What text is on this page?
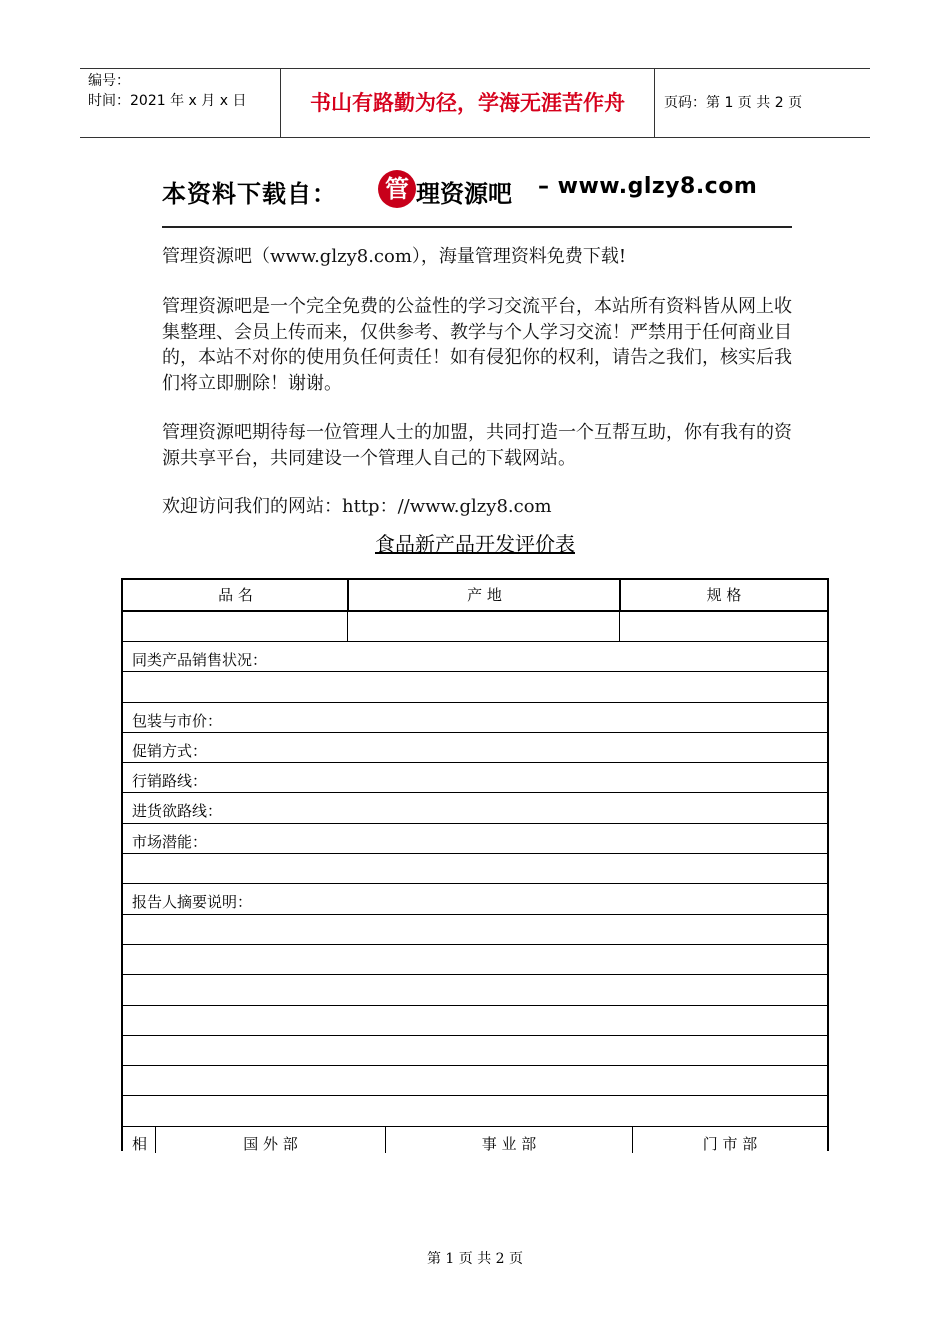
编号：
时间：2021 年 x 月 x 日	书山有路勤为径，学海无涯苦作舟	页码：第 1 页 共 2 页
本资料下载自： 管 理资源吧 – www.glzy8.com
管理资源吧（www.glzy8.com），海量管理资料免费下载!
管理资源吧是一个完全免费的公益性的学习交流平台，本站所有资料皆从网上收集整理、会员上传而来，仅供参考、教学与个人学习交流！严禁用于任何商业目的，本站不对你的使用负任何责任！如有侵犯你的权利，请告之我们，核实后我们将立即删除！谢谢。
管理资源吧期待每一位管理人士的加盟，共同打造一个互帮互助，你有我有的资源共享平台，共同建设一个管理人自己的下载网站。
欢迎访问我们的网站：http：//www.glzy8.com
食品新产品开发评价表
品 名	产 地	规 格
同类产品销售状况：
包装与市价：
促销方式：
行销路线：
进货欲路线：
市场潜能：
报告人摘要说明：
相	国 外 部	事 业 部	门 市 部
第 1 页 共 2 页
